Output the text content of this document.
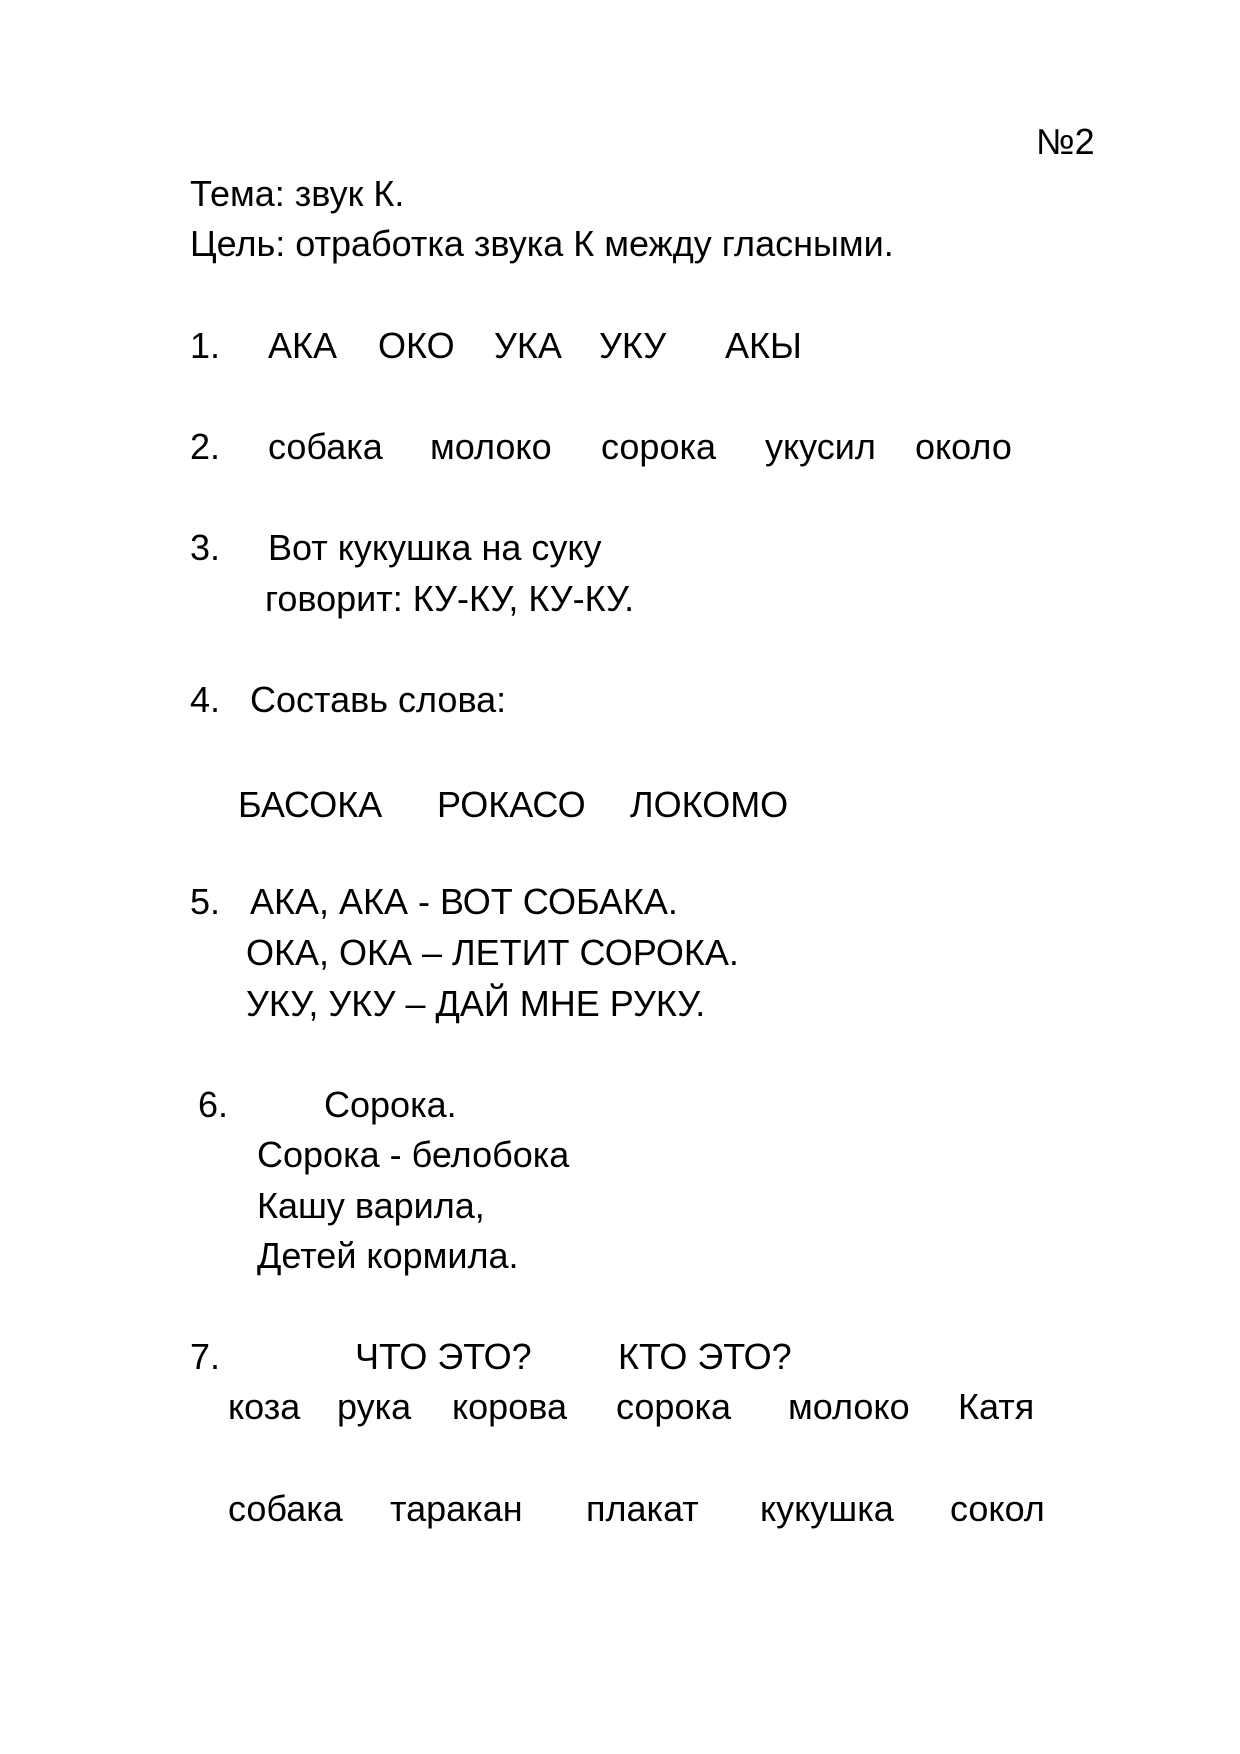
№2
Тема: звук К.
Цель: отработка звука К между гласными.
1. АКА ОКО УКА УКУ АКЫ
2. собака молоко сорока укусил около
3. Вот кукушка на суку
говорит: КУ-КУ, КУ-КУ.
4. Составь слова:
БАСОКА РОКАСО ЛОКОМО
5. АКА, АКА - ВОТ СОБАКА.
ОКА, ОКА – ЛЕТИТ СОРОКА.
УКУ, УКУ – ДАЙ МНЕ РУКУ.
6.	Сорока.
Сорока - белобока
Кашу варила,
Детей кормила.
7.	ЧТО ЭТО? КТО ЭТО?
коза рука корова сорока молоко Катя
собака таракан плакат кукушка сокол
